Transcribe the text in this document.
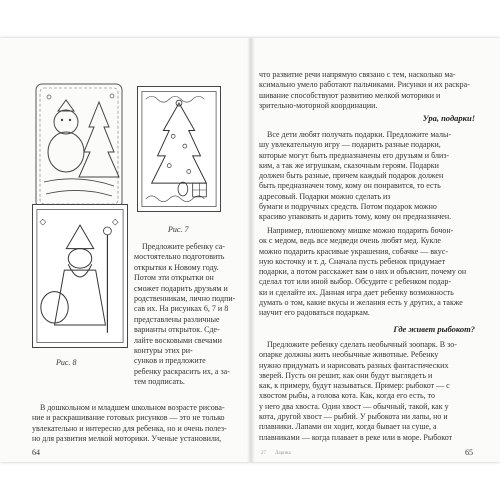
Рис. 7
Рис. 8
Предложите ребенку са-
мостоятельно подготовить
открытки к Новому году.
Потом эти открытки он
сможет подарить друзьям и
родственникам, лично подпи-
сав их. На рисунках 6, 7 и 8
представлены различные
варианты открыток. Сде-
лайте восковыми свечами
контуры этих ри-
сунков и предложите
ребенку раскрасить их, а за-
тем подписать.
В дошкольном и младшем школьном возрасте рисова-
ние и раскрашивание готовых рисунков — это не только
увлекательно и интересно для ребенка, но и очень полез-
но для развития мелкой моторики. Ученые установили,
64
что развитие речи напрямую связано с тем, насколько ма-
ксимально умело работают пальчиками. Рисунки и их раскра-
шивание способствуют развитию мелкой моторики и
зрительно-моторной координации.
Ура, подарки!
Все дети любят получать подарки. Предложите малы-
шу увлекательную игру — подарить разные подарки,
которые могут быть предназначены его друзьям и близ-
ким, а так же игрушкам, сказочным героям. Подарки
должен быть разные, причем каждый подарок должен
быть предназначен тому, кому он понравится, то есть
адресовый. Подарки можно сделать из
бумаги и подручных средств. Потом подарок можно
красиво упаковать и дарить тому, кому он предназначен.
Например, плюшевому мишке можно подарить бочон-
ок с медом, ведь все медведи очень любят мед. Кукле
можно подарить красивые украшения, собачке — вкус-
ную косточку и т. д. Сначала пусть ребенок придумает
подарки, а потом расскажет вам о них и объяснит, почему он
сделал тот или иной выбор. Обсудите с ребенком подар-
ки и сделайте их. Данная игра дает ребенку возможность
думать о том, какие вкусы и желания есть у других, а также
научит его радоваться подаркам.
Где живет рыбокот?
Предложите ребенку сделать необычный зоопарк. В зо-
опарке должны жить необычные животные. Ребенку
нужно придумать и нарисовать разных фантастических
зверей. Пусть он решит, как они будут выглядеть и
как, к примеру, будут называться. Пример: рыбокот — с
хвостом рыбы, а голова кота. Как, когда его есть, то
у него два хвоста. Один хвост — обычный, такой, как у
кота, другой хвост — рыбий. У рыбокота ни лапы, но и
плавники. Лапами он ходит, когда бывает на суше, а
плавниками — когда плавает в реке или в море. Рыбокот
65
27 Ларина
